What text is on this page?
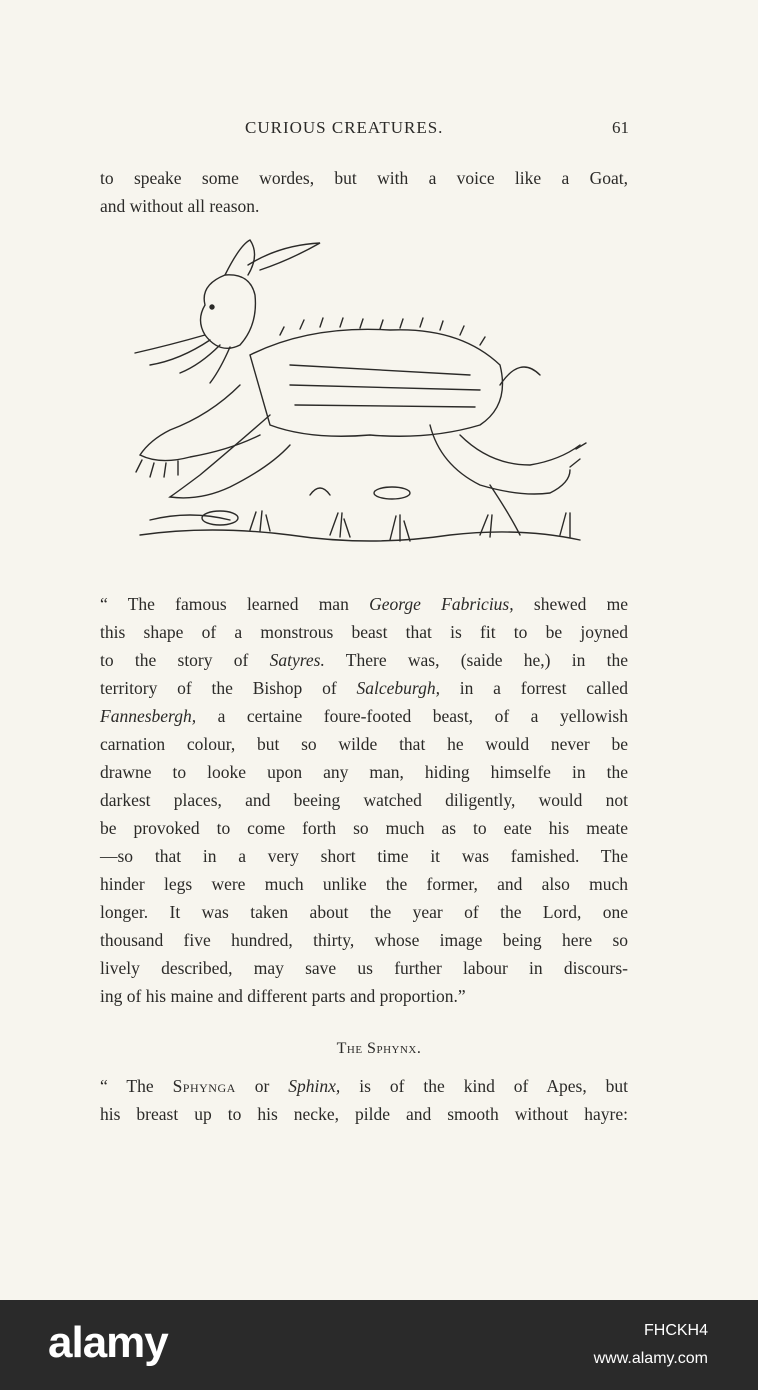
CURIOUS CREATURES.	61
to speake some wordes, but with a voice like a Goat,
and without all reason.
“ The famous learned man George Fabricius, shewed me
this shape of a monstrous beast that is fit to be joyned
to the story of Satyres. There was, (saide he,) in the
territory of the Bishop of Salceburgh, in a forrest called
Fannesbergh, a certaine foure-footed beast, of a yellowish
carnation colour, but so wilde that he would never be
drawne to looke upon any man, hiding himselfe in the
darkest places, and beeing watched diligently, would not
be provoked to come forth so much as to eate his meate
—so that in a very short time it was famished. The
hinder legs were much unlike the former, and also much
longer. It was taken about the year of the Lord, one
thousand five hundred, thirty, whose image being here so
lively described, may save us further labour in discours-
ing of his maine and different parts and proportion.”
The Sphynx.
“ The Sphynga or Sphinx, is of the kind of Apes, but
his breast up to his necke, pilde and smooth without hayre:
alamy	FHCKH4
www.alamy.com
